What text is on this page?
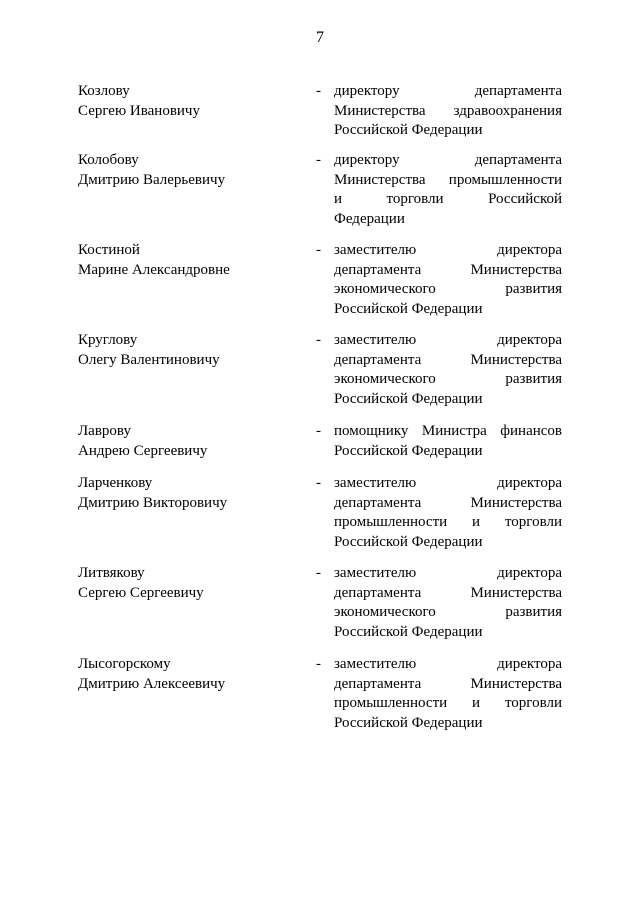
7
Козлову
Сергею Ивановичу
- директору департамента
Министерства здравоохранения
Российской Федерации
Колобову
Дмитрию Валерьевичу
- директору департамента
Министерства промышленности
и торговли Российской
Федерации
Костиной
Марине Александровне
- заместителю директора
департамента Министерства
экономического развития
Российской Федерации
Круглову
Олегу Валентиновичу
- заместителю директора
департамента Министерства
экономического развития
Российской Федерации
Лаврову
Андрею Сергеевичу
- помощнику Министра финансов
Российской Федерации
Ларченкову
Дмитрию Викторовичу
- заместителю директора
департамента Министерства
промышленности и торговли
Российской Федерации
Литвякову
Сергею Сергеевичу
- заместителю директора
департамента Министерства
экономического развития
Российской Федерации
Лысогорскому
Дмитрию Алексеевичу
- заместителю директора
департамента Министерства
промышленности и торговли
Российской Федерации
